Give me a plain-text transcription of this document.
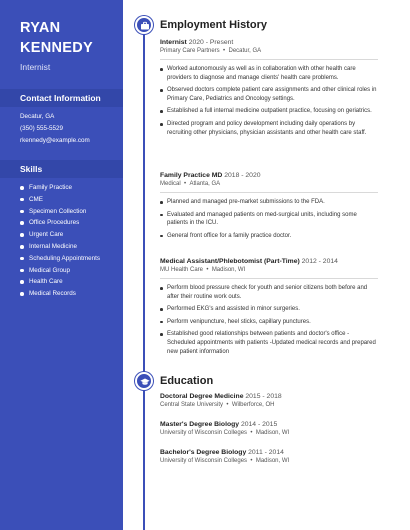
RYAN
KENNEDY
Internist
Contact Information
Decatur, GA
(350) 555-5529
rkennedy@example.com
Skills
Family Practice
CME
Specimen Collection
Office Procedures
Urgent Care
Internal Medicine
Scheduling Appointments
Medical Group
Health Care
Medical Records
Employment History
Internist 2020 - Present
Primary Care Partners • Decatur, GA
Worked autonomously as well as in collaboration with other health care providers to diagnose and manage clients' health care problems.
Observed doctors complete patient care assignments and other clinical roles in Primary Care, Pediatrics and Oncology settings.
Established a full internal medicine outpatient practice, focusing on geriatrics.
Directed program and policy development including daily operations by recruiting other physicians, physician assistants and other health care staff.
Family Practice MD 2018 - 2020
Medical • Atlanta, GA
Planned and managed pre-market submissions to the FDA.
Evaluated and managed patients on med-surgical units, including some patients in the ICU.
General front office for a family practice doctor.
Medical Assistant/Phlebotomist (Part-Time) 2012 - 2014
MU Health Care • Madison, WI
Perform blood pressure check for youth and senior citizens both before and after their routine work outs.
Performed EKG's and assisted in minor surgeries.
Perform venipuncture, heel sticks, capillary punctures.
Established good relationships between patients and doctor's office - Scheduled appointments with patients -Updated medical records and prepared new patient information
Education
Doctoral Degree Medicine 2015 - 2018
Central State University • Wilberforce, OH
Master's Degree Biology 2014 - 2015
University of Wisconsin Colleges • Madison, WI
Bachelor's Degree Biology 2011 - 2014
University of Wisconsin Colleges • Madison, WI
